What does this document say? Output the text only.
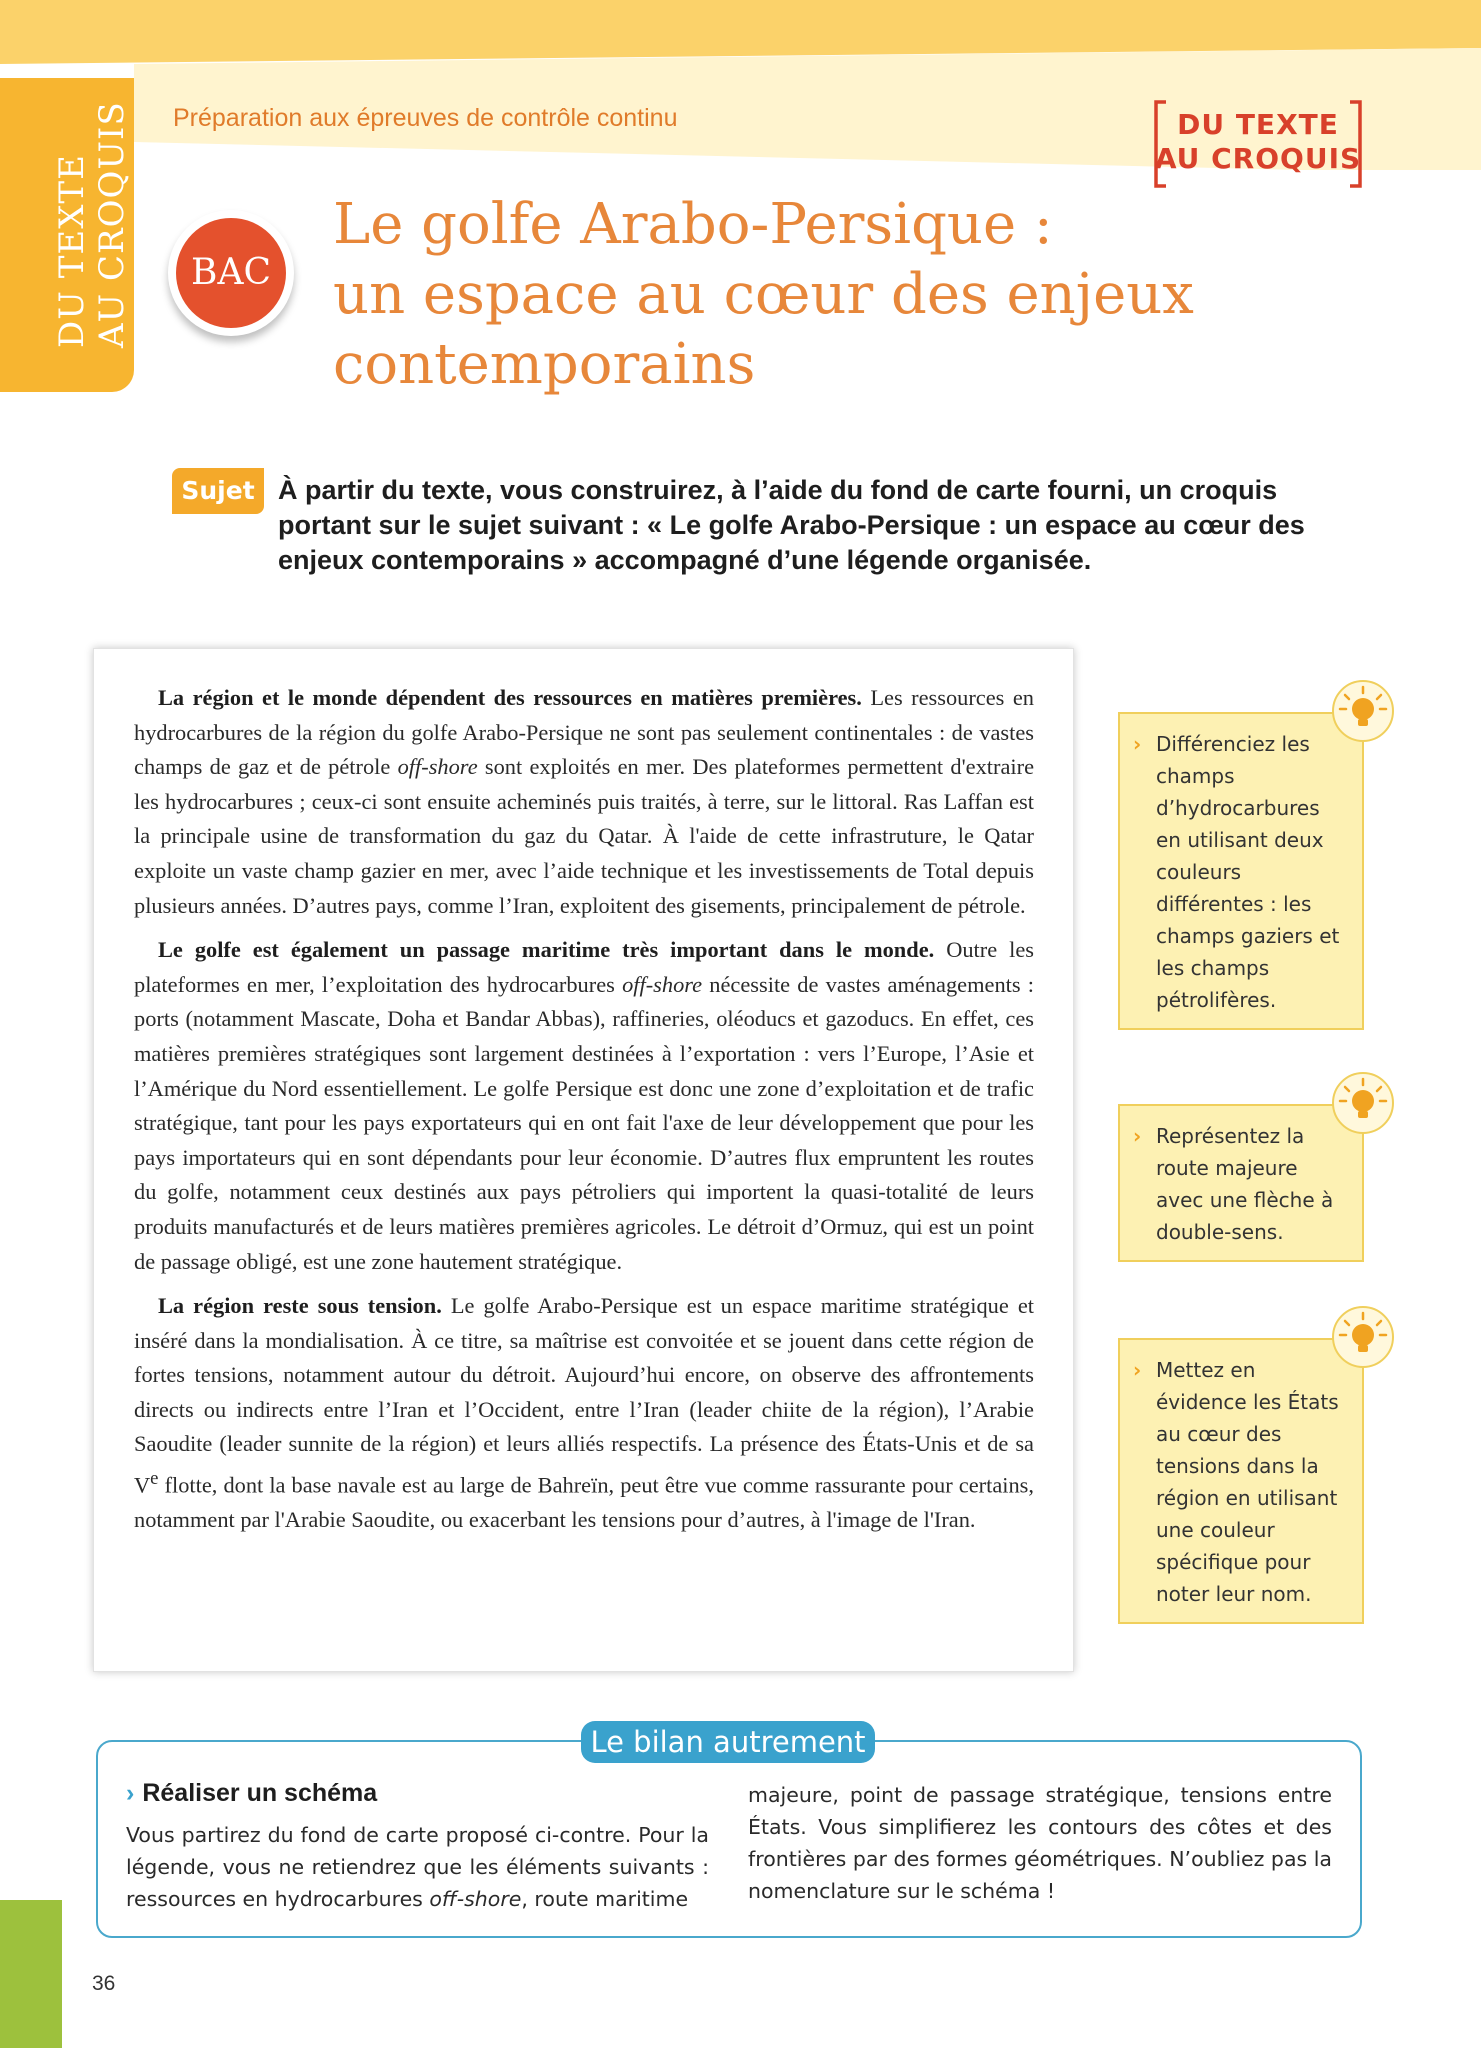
DU TEXTE AU CROQUIS Préparation aux épreuves de contrôle continu	DU TEXTE
AU CROQUIS
BAC
Le golfe Arabo-Persique :
un espace au cœur des enjeux
contemporains
Sujet À partir du texte, vous construirez, à l’aide du fond de carte fourni, un croquis portant sur le sujet suivant : « Le golfe Arabo-Persique : un espace au cœur des enjeux contemporains » accompagné d’une légende organisée.

La région et le monde dépendent des ressources en matières premières. Les ressources en hydrocarbures de la région du golfe Arabo-Persique ne sont pas seulement continentales : de vastes champs de gaz et de pétrole off-shore sont exploités en mer. Des plateformes permettent d'extraire les hydrocarbures ; ceux-ci sont ensuite acheminés puis traités, à terre, sur le littoral. Ras Laffan est la principale usine de transformation du gaz du Qatar. À l'aide de cette infrastruture, le Qatar exploite un vaste champ gazier en mer, avec l’aide technique et les investissements de Total depuis plusieurs années. D’autres pays, comme l’Iran, exploitent des gisements, principalement de pétrole.

Le golfe est également un passage maritime très important dans le monde. Outre les plateformes en mer, l’exploitation des hydrocarbures off-shore nécessite de vastes aménagements : ports (notamment Mascate, Doha et Bandar Abbas), raffineries, oléoducs et gazoducs. En effet, ces matières premières stratégiques sont largement destinées à l’exportation : vers l’Europe, l’Asie et l’Amérique du Nord essentiellement. Le golfe Persique est donc une zone d’exploitation et de trafic stratégique, tant pour les pays exportateurs qui en ont fait l'axe de leur développement que pour les pays importateurs qui en sont dépendants pour leur économie. D’autres flux empruntent les routes du golfe, notamment ceux destinés aux pays pétroliers qui importent la quasi-totalité de leurs produits manufacturés et de leurs matières premières agricoles. Le détroit d’Ormuz, qui est un point de passage obligé, est une zone hautement stratégique.

La région reste sous tension. Le golfe Arabo-Persique est un espace maritime stratégique et inséré dans la mondialisation. À ce titre, sa maîtrise est convoitée et se jouent dans cette région de fortes tensions, notamment autour du détroit. Aujourd’hui encore, on observe des affrontements directs ou indirects entre l’Iran et l’Occident, entre l’Iran (leader chiite de la région), l’Arabie Saoudite (leader sunnite de la région) et leurs alliés respectifs. La présence des États-Unis et de sa Ve flotte, dont la base navale est au large de Bahreïn, peut être vue comme rassurante pour certains, notamment par l'Arabie Saoudite, ou exacerbant les tensions pour d’autres, à l'image de l'Iran.

› Différenciez les champs d’hydrocarbures en utilisant deux couleurs différentes : les champs gaziers et les champs pétrolifères.
› Représentez la route majeure avec une flèche à double-sens.
› Mettez en évidence les États au cœur des tensions dans la région en utilisant une couleur spécifique pour noter leur nom.
Le bilan autrement
› Réaliser un schéma
Vous partirez du fond de carte proposé ci-contre. Pour la légende, vous ne retiendrez que les éléments suivants : ressources en hydrocarbures off-shore, route maritime
majeure, point de passage stratégique, tensions entre États. Vous simplifierez les contours des côtes et des frontières par des formes géométriques. N’oubliez pas la nomenclature sur le schéma !
36
